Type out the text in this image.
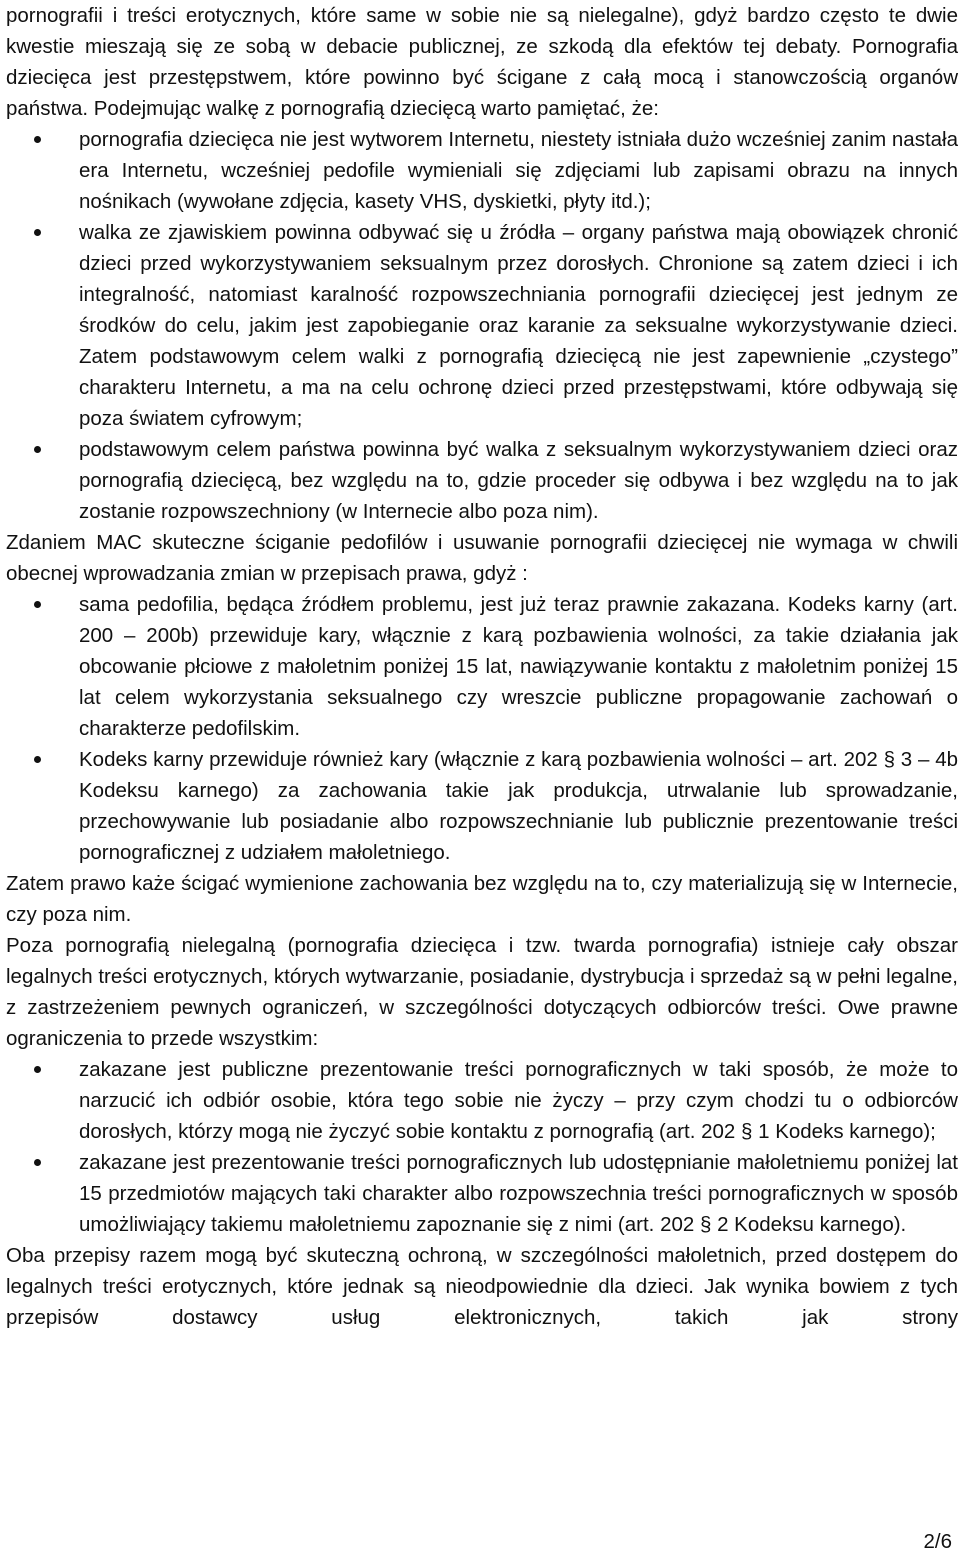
pornografii i treści erotycznych, które same w sobie nie są nielegalne), gdyż bardzo często te dwie kwestie mieszają się ze sobą w debacie publicznej, ze szkodą dla efektów tej debaty. Pornografia dziecięca jest przestępstwem, które powinno być ścigane z całą mocą i stanowczością organów państwa. Podejmując walkę z pornografią dziecięcą warto pamiętać, że:

pornografia dziecięca nie jest wytworem Internetu, niestety istniała dużo wcześniej zanim nastała era Internetu, wcześniej pedofile wymieniali się zdjęciami lub zapisami obrazu na innych nośnikach (wywołane zdjęcia, kasety VHS, dyskietki, płyty itd.);
walka ze zjawiskiem powinna odbywać się u źródła – organy państwa mają obowiązek chronić dzieci przed wykorzystywaniem seksualnym przez dorosłych. Chronione są zatem dzieci i ich integralność, natomiast karalność rozpowszechniania pornografii dziecięcej jest jednym ze środków do celu, jakim jest zapobieganie oraz karanie za seksualne wykorzystywanie dzieci. Zatem podstawowym celem walki z pornografią dziecięcą nie jest zapewnienie „czystego” charakteru Internetu, a ma na celu ochronę dzieci przed przestępstwami, które odbywają się poza światem cyfrowym;
podstawowym celem państwa powinna być walka z seksualnym wykorzystywaniem dzieci oraz pornografią dziecięcą, bez względu na to, gdzie proceder się odbywa i bez względu na to jak zostanie rozpowszechniony (w Internecie albo poza nim).

Zdaniem MAC skuteczne ściganie pedofilów i usuwanie pornografii dziecięcej nie wymaga w chwili obecnej wprowadzania zmian w przepisach prawa, gdyż :

sama pedofilia, będąca źródłem problemu, jest już teraz prawnie zakazana. Kodeks karny (art. 200 – 200b) przewiduje kary, włącznie z karą pozbawienia wolności, za takie działania jak obcowanie płciowe z małoletnim poniżej 15 lat, nawiązywanie kontaktu z małoletnim poniżej 15 lat celem wykorzystania seksualnego czy wreszcie publiczne propagowanie zachowań o charakterze pedofilskim.
Kodeks karny przewiduje również kary (włącznie z karą pozbawienia wolności – art. 202 § 3 – 4b Kodeksu karnego) za zachowania takie jak produkcja, utrwalanie lub sprowadzanie, przechowywanie lub posiadanie albo rozpowszechnianie lub publicznie prezentowanie treści pornograficznej z udziałem małoletniego.

Zatem prawo każe ścigać wymienione zachowania bez względu na to, czy materializują się w Internecie, czy poza nim.

Poza pornografią nielegalną (pornografia dziecięca i tzw. twarda pornografia) istnieje cały obszar legalnych treści erotycznych, których wytwarzanie, posiadanie, dystrybucja i sprzedaż są w pełni legalne, z zastrzeżeniem pewnych ograniczeń, w szczególności dotyczących odbiorców treści. Owe prawne ograniczenia to przede wszystkim:

zakazane jest publiczne prezentowanie treści pornograficznych w taki sposób, że może to narzucić ich odbiór osobie, która tego sobie nie życzy – przy czym chodzi tu o odbiorców dorosłych, którzy mogą nie życzyć sobie kontaktu z pornografią (art. 202 § 1 Kodeks karnego);
zakazane jest prezentowanie treści pornograficznych lub udostępnianie małoletniemu poniżej lat 15 przedmiotów mających taki charakter albo rozpowszechnia treści pornograficznych w sposób umożliwiający takiemu małoletniemu zapoznanie się z nimi (art. 202 § 2 Kodeksu karnego).

Oba przepisy razem mogą być skuteczną ochroną, w szczególności małoletnich, przed dostępem do legalnych treści erotycznych, które jednak są nieodpowiednie dla dzieci. Jak wynika bowiem z tych przepisów dostawcy usług elektronicznych, takich jak strony

2/6
